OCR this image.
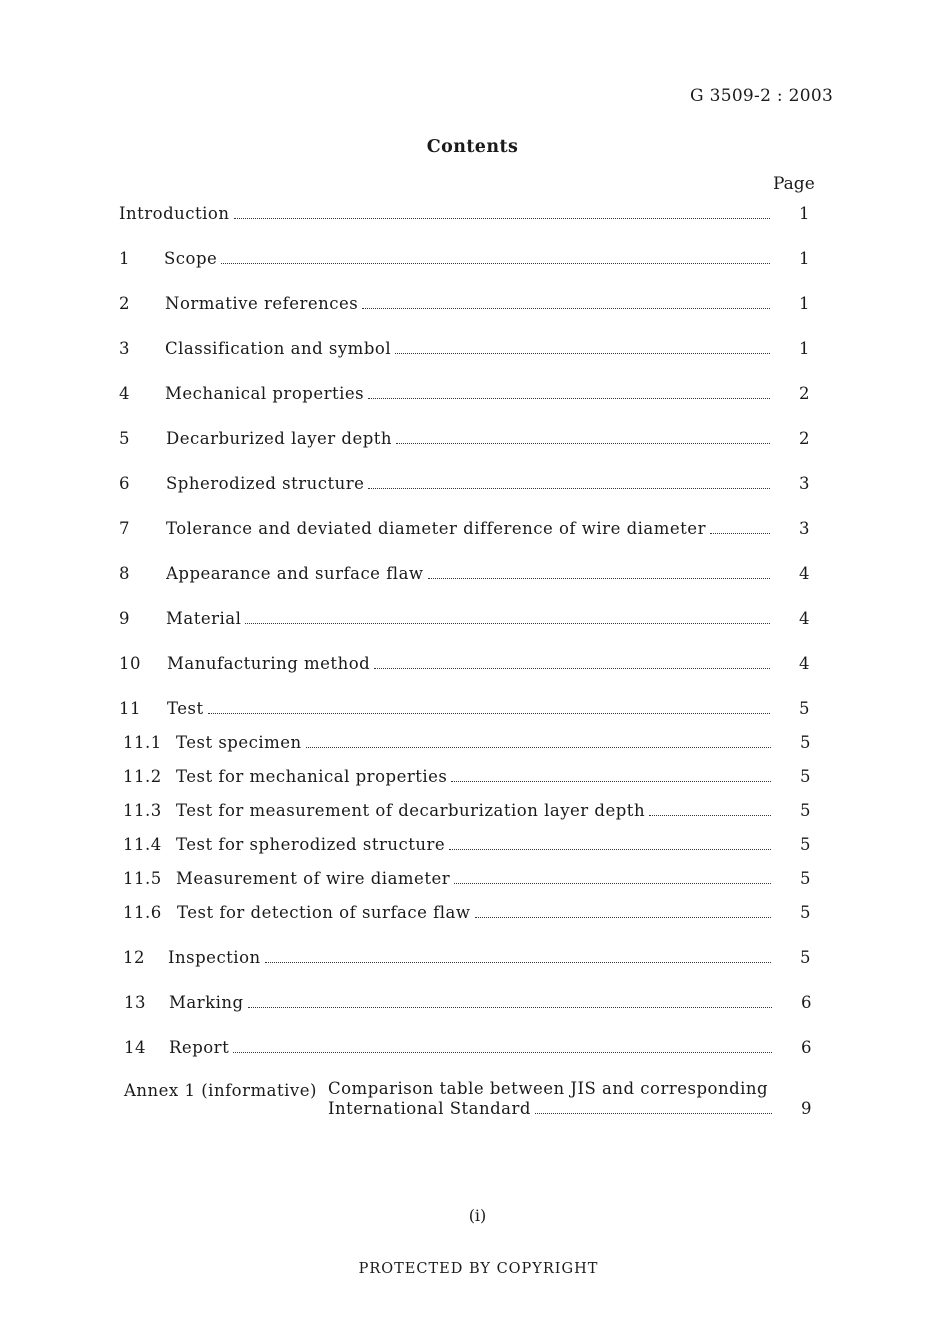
G 3509-2 : 2003
Contents
Page
Introduction	1
1 Scope	1
2 Normative references	1
3 Classification and symbol	1
4 Mechanical properties	2
5 Decarburized layer depth	2
6 Spherodized structure	3
7 Tolerance and deviated diameter difference of wire diameter	3
8 Appearance and surface flaw	4
9 Material	4
10 Manufacturing method	4
11 Test	5
11.1 Test specimen	5
11.2 Test for mechanical properties	5
11.3 Test for measurement of decarburization layer depth	5
11.4 Test for spherodized structure	5
11.5 Measurement of wire diameter	5
11.6 Test for detection of surface flaw	5
12 Inspection	5
13 Marking	6
14 Report	6
Annex 1 (informative) Comparison table between JIS and corresponding
International Standard	9
(i)
PROTECTED BY COPYRIGHT
